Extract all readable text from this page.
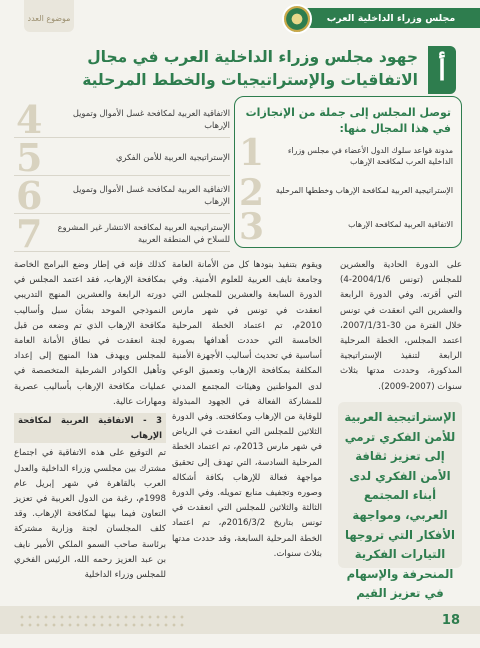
مجلس وزراء الداخلية العرب
موضوع العدد
أ
جهود مجلس وزراء الداخلية العرب في مجال الاتفاقيات والإستراتيجيات والخطط المرحلية
توصل المجلس إلى جملة من الإنجازات في هذا المجال منها:
مدونة قواعد سلوك الدول الأعضاء في مجلس وزراء الداخلية العرب لمكافحة الإرهاب
1
الإستراتيجية العربية لمكافحة الإرهاب وخططها المرحلية
2
الاتفاقية العربية لمكافحة الإرهاب
3
4	الاتفاقية العربية لمكافحة غسل الأموال وتمويل الإرهاب
5	الإستراتيجية العربية للأمن الفكري
6	الاتفاقية العربية لمكافحة غسل الأموال وتمويل الإرهاب
7	الإستراتيجية العربية لمكافحة الانتشار غير المشروع للسلاح في المنطقة العربية
على الدورة الحادية والعشرين للمجلس (تونس 2004/1/6-4) التي أقرته. وفي الدورة الرابعة والعشرين التي انعقدت في تونس خلال الفترة من 30-2007/1/31، اعتمد المجلس، الخطة المرحلية الرابعة لتنفيذ الإستراتيجية المذكورة، وحددت مدتها بثلاث سنوات (2007-2009).
الإستراتيجية العربية للأمن الفكري ترمي إلى تعزيز ثقافة الأمن الفكري لدى أبناء المجتمع العربي، ومواجهة الأفكار التي تروجها التيارات الفكرية المنحرفة والإسهام في تعزيز القيم
ويقوم بتنفيذ بنودها كل من الأمانة العامة وجامعة نايف العربية للعلوم الأمنية. وفي الدورة السابعة والعشرين للمجلس التي انعقدت في تونس في شهر مارس 2010م، تم اعتماد الخطة المرحلية الخامسة التي حددت أهدافها بصورة أساسية في تحديث أساليب الأجهزة الأمنية المكلفة بمكافحة الإرهاب وتعميق الوعي لدى المواطنين وهيئات المجتمع المدني للمشاركة الفعالة في الجهود المبذولة للوقاية من الإرهاب ومكافحته. وفي الدورة الثلاثين للمجلس التي انعقدت في الرياض في شهر مارس 2013م، تم اعتماد الخطة المرحلية السادسة، التي تهدف إلى تحقيق مواجهة فعالة للإرهاب بكافة أشكاله وصوره وتجفيف منابع تمويله. وفي الدورة الثالثة والثلاثين للمجلس التي انعقدت في تونس بتاريخ 2016/3/2م، تم اعتماد الخطة المرحلية السابعة، وقد حددت مدتها بثلاث سنوات.
كذلك فإنه في إطار وضع البرامج الخاصة بمكافحة الإرهاب، فقد اعتمد المجلس في دورته الرابعة والعشرين المنهج التدريبي النموذجي الموحد بشأن سبل وأساليب مكافحة الإرهاب الذي تم وضعه من قبل لجنة انعقدت في نطاق الأمانة العامة للمجلس ويهدف هذا المنهج إلى إعداد وتأهيل الكوادر الشرطية المتخصصة في عمليات مكافحة الإرهاب بأساليب عصرية ومهارات عالية.
3 - الاتفاقية العربية لمكافحة الإرهاب
تم التوقيع على هذه الاتفاقية في اجتماع مشترك بين مجلسي وزراء الداخلية والعدل العرب بالقاهرة في شهر إبريل عام 1998م، رغبة من الدول العربية في تعزيز التعاون فيما بينها لمكافحة الإرهاب. وقد كلف المجلسان لجنة وزارية مشتركة برئاسة صاحب السمو الملكي الأمير نايف بن عبد العزيز رحمه الله، الرئيس الفخري للمجلس وزراء الداخلية
18
